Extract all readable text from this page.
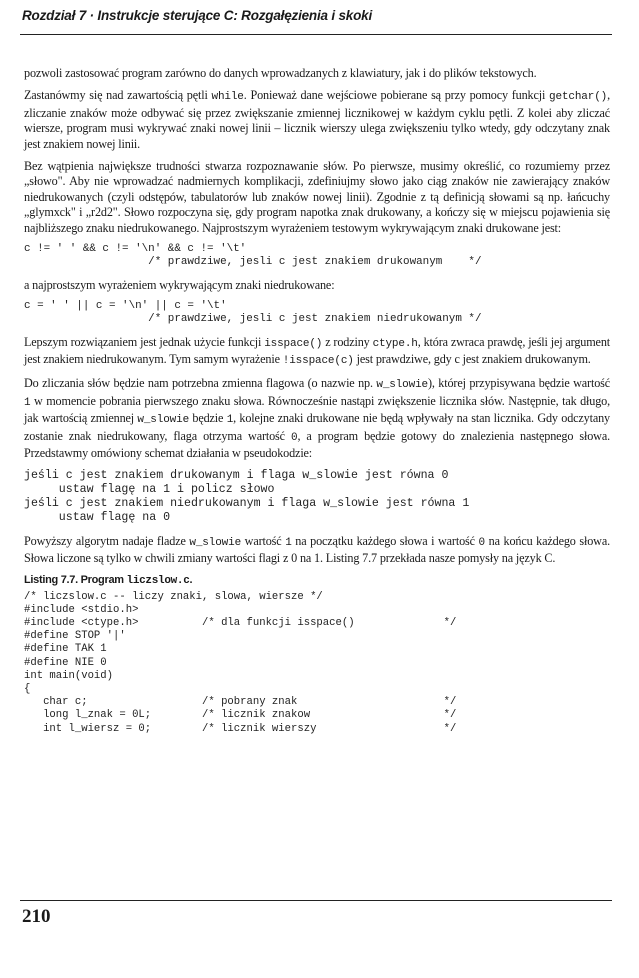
Rozdział 7 · Instrukcje sterujące C: Rozgałęzienia i skoki

pozwoli zastosować program zarówno do danych wprowadzanych z klawiatury, jak i do plików tekstowych.

Zastanówmy się nad zawartością pętli while. Ponieważ dane wejściowe pobierane są przy pomocy funkcji getchar(), zliczanie znaków może odbywać się przez zwiększanie zmiennej licznikowej w każdym cyklu pętli. Z kolei aby zliczać wiersze, program musi wykrywać znaki nowej linii – licznik wierszy ulega zwiększeniu tylko wtedy, gdy odczytany znak jest znakiem nowej linii.

Bez wątpienia największe trudności stwarza rozpoznawanie słów. Po pierwsze, musimy określić, co rozumiemy przez „słowo". Aby nie wprowadzać nadmiernych komplikacji, zdefiniujmy słowo jako ciąg znaków nie zawierający znaków niedrukowanych (czyli odstępów, tabulatorów lub znaków nowej linii). Zgodnie z tą definicją słowami są np. łańcuchy „glymxck" i „r2d2". Słowo rozpoczyna się, gdy program napotka znak drukowany, a kończy się w miejscu pojawienia się najbliższego znaku niedrukowanego. Najprostszym wyrażeniem testowym wykrywającym znaki drukowane jest:

c != ' ' && c != '\n' && c != '\t'
/* prawdziwe, jesli c jest znakiem drukowanym    */

a najprostszym wyrażeniem wykrywającym znaki niedrukowane:

c = ' ' || c = '\n' || c = '\t'
/* prawdziwe, jesli c jest znakiem niedrukowanym */

Lepszym rozwiązaniem jest jednak użycie funkcji isspace() z rodziny ctype.h, która zwraca prawdę, jeśli jej argument jest znakiem niedrukowanym. Tym samym wyrażenie !isspace(c) jest prawdziwe, gdy c jest znakiem drukowanym.

Do zliczania słów będzie nam potrzebna zmienna flagowa (o nazwie np. w_slowie), której przypisywana będzie wartość 1 w momencie pobrania pierwszego znaku słowa. Równocześnie nastąpi zwiększenie licznika słów. Następnie, tak długo, jak wartością zmiennej w_slowie będzie 1, kolejne znaki drukowane nie będą wpływały na stan licznika. Gdy odczytany zostanie znak niedrukowany, flaga otrzyma wartość 0, a program będzie gotowy do znalezienia następnego słowa. Przedstawmy omówiony schemat działania w pseudokodzie:

jeśli c jest znakiem drukowanym i flaga w_slowie jest równa 0
ustaw flagę na 1 i policz słowo
jeśli c jest znakiem niedrukowanym i flaga w_slowie jest równa 1
ustaw flagę na 0

Powyższy algorytm nadaje fladze w_slowie wartość 1 na początku każdego słowa i wartość 0 na końcu każdego słowa. Słowa liczone są tylko w chwili zmiany wartości flagi z 0 na 1. Listing 7.7 przekłada nasze pomysły na język C.

Listing 7.7. Program liczslow.c.
/* liczslow.c -- liczy znaki, slowa, wiersze */
#include <stdio.h>
#include <ctype.h>          /* dla funkcji isspace()              */
#define STOP '|'
#define TAK 1
#define NIE 0
int main(void)
{
char c;                  /* pobrany znak                       */
long l_znak = 0L;        /* licznik znakow                     */
int l_wiersz = 0;        /* licznik wierszy                    */
210
